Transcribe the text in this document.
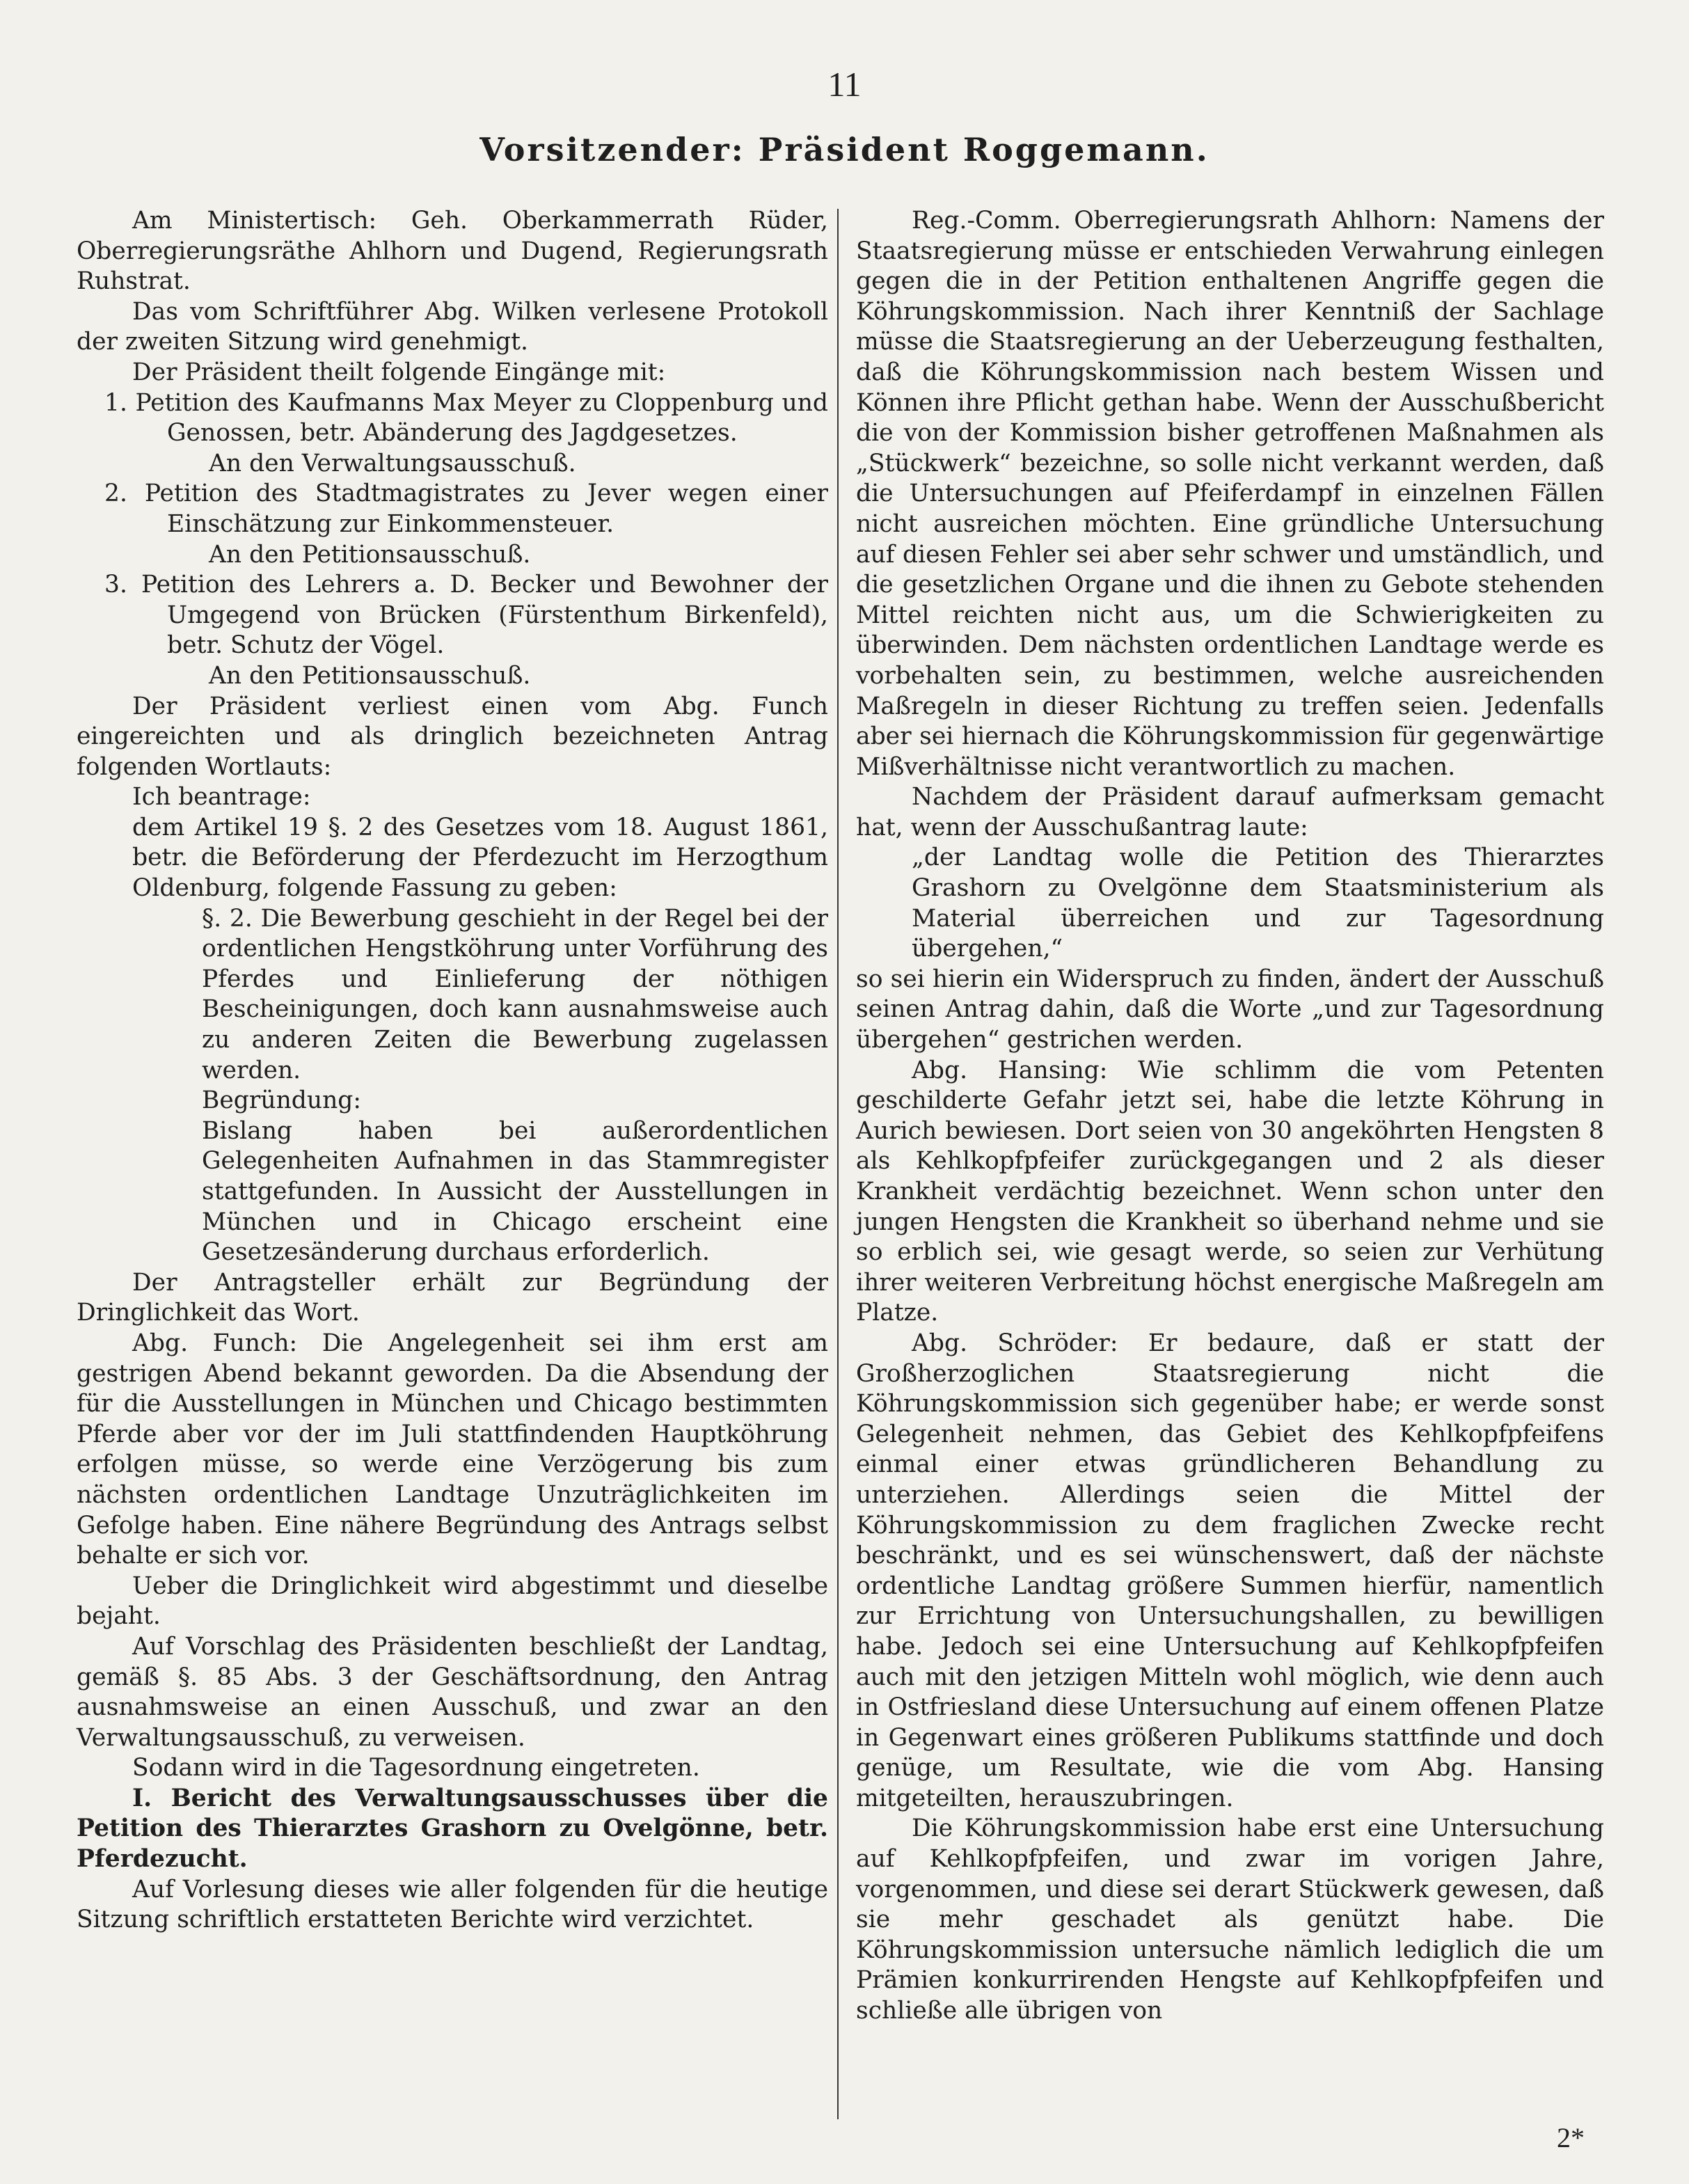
11
Vorsitzender: Präsident Roggemann.

Am Ministertisch: Geh. Oberkammerrath Rüder, Oberregierungsräthe Ahlhorn und Dugend, Regierungsrath Ruhstrat.

Das vom Schriftführer Abg. Wilken verlesene Protokoll der zweiten Sitzung wird genehmigt.

Der Präsident theilt folgende Eingänge mit:

1. Petition des Kaufmanns Max Meyer zu Cloppenburg und Genossen, betr. Abänderung des Jagdgesetzes.

An den Verwaltungsausschuß.

2. Petition des Stadtmagistrates zu Jever wegen einer Einschätzung zur Einkommensteuer.

An den Petitionsausschuß.

3. Petition des Lehrers a. D. Becker und Bewohner der Umgegend von Brücken (Fürstenthum Birkenfeld), betr. Schutz der Vögel.

An den Petitionsausschuß.

Der Präsident verliest einen vom Abg. Funch eingereichten und als dringlich bezeichneten Antrag folgenden Wortlauts:

Ich beantrage:

dem Artikel 19 §. 2 des Gesetzes vom 18. August 1861, betr. die Beförderung der Pferdezucht im Herzogthum Oldenburg, folgende Fassung zu geben:

§. 2. Die Bewerbung geschieht in der Regel bei der ordentlichen Hengstköhrung unter Vorführung des Pferdes und Einlieferung der nöthigen Bescheinigungen, doch kann ausnahmsweise auch zu anderen Zeiten die Bewerbung zugelassen werden.

Begründung:

Bislang haben bei außerordentlichen Gelegenheiten Aufnahmen in das Stammregister stattgefunden. In Aussicht der Ausstellungen in München und in Chicago erscheint eine Gesetzesänderung durchaus erforderlich.

Der Antragsteller erhält zur Begründung der Dringlichkeit das Wort.

Abg. Funch: Die Angelegenheit sei ihm erst am gestrigen Abend bekannt geworden. Da die Absendung der für die Ausstellungen in München und Chicago bestimmten Pferde aber vor der im Juli stattfindenden Hauptköhrung erfolgen müsse, so werde eine Verzögerung bis zum nächsten ordentlichen Landtage Unzuträglichkeiten im Gefolge haben. Eine nähere Begründung des Antrags selbst behalte er sich vor.

Ueber die Dringlichkeit wird abgestimmt und dieselbe bejaht.

Auf Vorschlag des Präsidenten beschließt der Landtag, gemäß §. 85 Abs. 3 der Geschäftsordnung, den Antrag ausnahmsweise an einen Ausschuß, und zwar an den Verwaltungsausschuß, zu verweisen.

Sodann wird in die Tagesordnung eingetreten.

I. Bericht des Verwaltungsausschusses über die Petition des Thierarztes Grashorn zu Ovelgönne, betr. Pferdezucht.

Auf Vorlesung dieses wie aller folgenden für die heutige Sitzung schriftlich erstatteten Berichte wird verzichtet.

Reg.-Comm. Oberregierungsrath Ahlhorn: Namens der Staatsregierung müsse er entschieden Verwahrung einlegen gegen die in der Petition enthaltenen Angriffe gegen die Köhrungskommission. Nach ihrer Kenntniß der Sachlage müsse die Staatsregierung an der Ueberzeugung festhalten, daß die Köhrungskommission nach bestem Wissen und Können ihre Pflicht gethan habe. Wenn der Ausschußbericht die von der Kommission bisher getroffenen Maßnahmen als „Stückwerk“ bezeichne, so solle nicht verkannt werden, daß die Untersuchungen auf Pfeiferdampf in einzelnen Fällen nicht ausreichen möchten. Eine gründliche Untersuchung auf diesen Fehler sei aber sehr schwer und umständlich, und die gesetzlichen Organe und die ihnen zu Gebote stehenden Mittel reichten nicht aus, um die Schwierigkeiten zu überwinden. Dem nächsten ordentlichen Landtage werde es vorbehalten sein, zu bestimmen, welche ausreichenden Maßregeln in dieser Richtung zu treffen seien. Jedenfalls aber sei hiernach die Köhrungskommission für gegenwärtige Mißverhältnisse nicht verantwortlich zu machen.

Nachdem der Präsident darauf aufmerksam gemacht hat, wenn der Ausschußantrag laute:

„der Landtag wolle die Petition des Thierarztes Grashorn zu Ovelgönne dem Staatsministerium als Material überreichen und zur Tagesordnung übergehen,“

so sei hierin ein Widerspruch zu finden, ändert der Ausschuß seinen Antrag dahin, daß die Worte „und zur Tagesordnung übergehen“ gestrichen werden.

Abg. Hansing: Wie schlimm die vom Petenten geschilderte Gefahr jetzt sei, habe die letzte Köhrung in Aurich bewiesen. Dort seien von 30 angeköhrten Hengsten 8 als Kehlkopfpfeifer zurückgegangen und 2 als dieser Krankheit verdächtig bezeichnet. Wenn schon unter den jungen Hengsten die Krankheit so überhand nehme und sie so erblich sei, wie gesagt werde, so seien zur Verhütung ihrer weiteren Verbreitung höchst energische Maßregeln am Platze.

Abg. Schröder: Er bedaure, daß er statt der Großherzoglichen Staatsregierung nicht die Köhrungskommission sich gegenüber habe; er werde sonst Gelegenheit nehmen, das Gebiet des Kehlkopfpfeifens einmal einer etwas gründlicheren Behandlung zu unterziehen. Allerdings seien die Mittel der Köhrungskommission zu dem fraglichen Zwecke recht beschränkt, und es sei wünschenswert, daß der nächste ordentliche Landtag größere Summen hierfür, namentlich zur Errichtung von Untersuchungshallen, zu bewilligen habe. Jedoch sei eine Untersuchung auf Kehlkopfpfeifen auch mit den jetzigen Mitteln wohl möglich, wie denn auch in Ostfriesland diese Untersuchung auf einem offenen Platze in Gegenwart eines größeren Publikums stattfinde und doch genüge, um Resultate, wie die vom Abg. Hansing mitgeteilten, herauszubringen.

Die Köhrungskommission habe erst eine Untersuchung auf Kehlkopfpfeifen, und zwar im vorigen Jahre, vorgenommen, und diese sei derart Stückwerk gewesen, daß sie mehr geschadet als genützt habe. Die Köhrungskommission untersuche nämlich lediglich die um Prämien konkurrirenden Hengste auf Kehlkopfpfeifen und schließe alle übrigen von

2*
